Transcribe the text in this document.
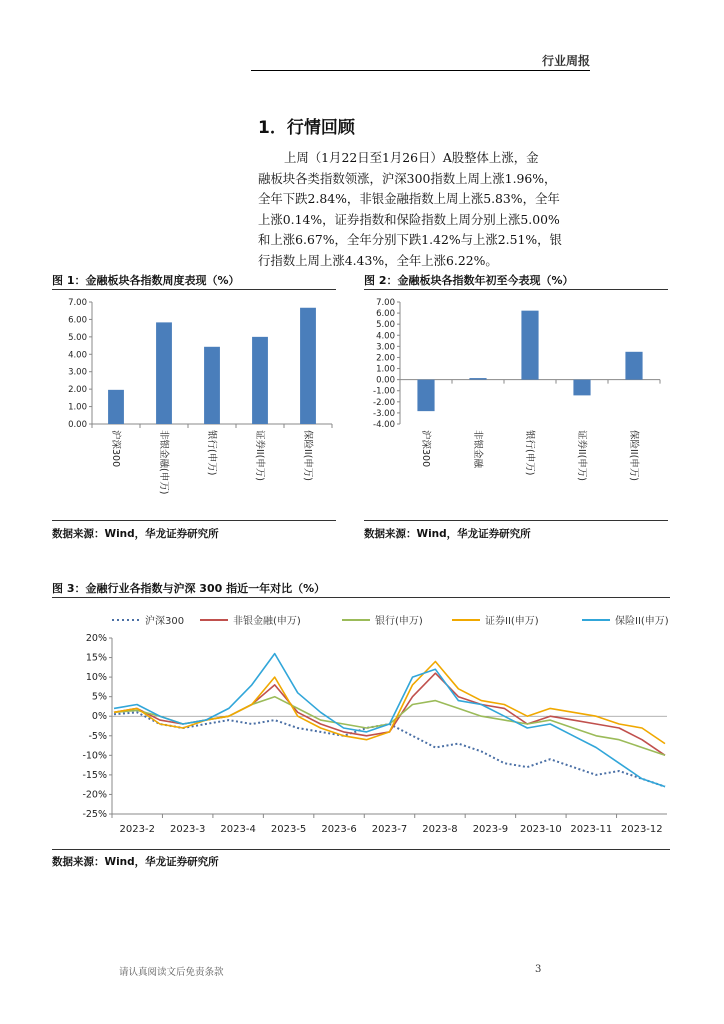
行业周报
1．行情回顾
上周（1月22日至1月26日）A股整体上涨，金
融板块各类指数领涨，沪深300指数上周上涨1.96%，
全年下跌2.84%，非银金融指数上周上涨5.83%，全年
上涨0.14%，证券指数和保险指数上周分别上涨5.00%
和上涨6.67%，全年分别下跌1.42%与上涨2.51%，银
行指数上周上涨4.43%，全年上涨6.22%。
图 1：金融板块各指数周度表现（%）	图 2：金融板块各指数年初至今表现（%）
0.00
1.00
2.00
3.00
4.00
5.00
6.00
7.00
沪深300	非银金融(申万)	银行(申万)	证券II(申万)	保险II(申万)
-4.00
-3.00
-2.00
-1.00
0.00
1.00
2.00
3.00
4.00
5.00
6.00
7.00
沪深300	非银金融	银行(申万)	证券II(申万)	保险II(申万)
数据来源：Wind，华龙证券研究所	数据来源：Wind，华龙证券研究所
图 3：金融行业各指数与沪深 300 指近一年对比（%）
沪深300	非银金融(申万)	银行(申万)	证券II(申万)	保险II(申万)
-25%
-20%
-15%
-10%
-5%
0%
5%
10%
15%
20%
2023-2 2023-3 2023-4 2023-5 2023-6 2023-7 2023-8 2023-9 2023-10 2023-11 2023-12
数据来源：Wind，华龙证券研究所
请认真阅读文后免责条款	3
